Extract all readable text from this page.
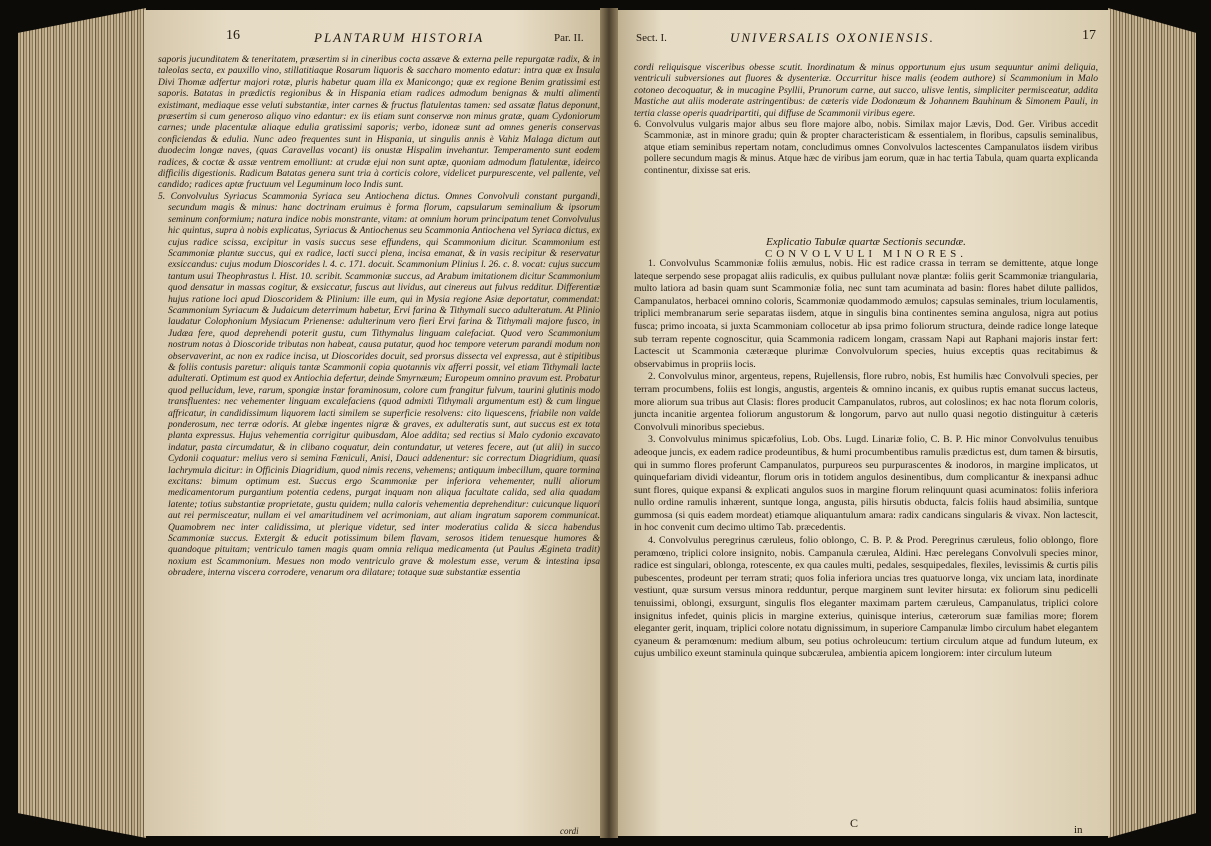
16	PLANTARUM HISTORIA	Par. II.

saporis jucunditatem & teneritatem, præsertim si in cineribus cocta assæve & externa pelle repurgatæ radix, & in taleolas secta, ex pauxillo vino, stillatitiaque Rosarum liquoris & saccharo momento edatur: intra quæ ex Insula Divi Thomæ adfertur majori rotæ, pluris habetur quam illa ex Manicongo; quæ ex regione Benim gratissimi est saporis. Batatas in prædictis regionibus & in Hispania etiam radices admodum benignas & multi alimenti existimant, mediaque esse veluti substantiæ, inter carnes & fructus flatulentas tamen: sed assatæ flatus deponunt, præsertim si cum generoso aliquo vino edantur: ex iis etiam sunt conservæ non minus gratæ, quam Cydoniorum carnes; unde placentulæ aliaque edulia gratissimi saporis; verbo, idoneæ sunt ad omnes generis conservas conficiendas & edulia. Nunc adeo frequentes sunt in Hispania, ut singulis annis è Vahiz Malaga dictum aut duodecim longæ naves, (quas Caravellas vocant) iis onustæ Hispalim invehantur. Temperamento sunt eodem radices, & coctæ & assæ ventrem emolliunt: at crudæ ejui non sunt aptæ, quoniam admodum flatulentæ, ideirco difficilis digestionis. Radicum Batatas genera sunt tria à corticis colore, videlicet purpurescente, vel pallente, vel candido; radices aptæ fructuum vel Leguminum loco Indis sunt.

5. Convolvulus Syriacus Scammonia Syriaca seu Antiochena dictus. Omnes Convolvuli constant purgandi, secundum magis & minus: hanc doctrinam eruimus è forma florum, capsularum seminalium & ipsorum seminum conformium; natura indice nobis monstrante, vitam: at omnium horum principatum tenet Convolvulus hic quintus, supra à nobis explicatus, Syriacus & Antiochenus seu Scammonia Antiochena vel Syriaca dictus, ex cujus radice scissa, excipitur in vasis succus sese effundens, qui Scammonium dicitur. Scammonium est Scammoniæ plantæ succus, qui ex radice, lacti succi plena, incisa emanat, & in vasis recipitur & reservatur exsiccandus: cujus modum Dioscorides l. 4. c. 171. docuit. Scammonium Plinius l. 26. c. 8. vocat: cujus succum tantum usui Theophrastus l. Hist. 10. scribit. Scammoniæ succus, ad Arabum imitationem dicitur Scammonium quod densatur in massas cogitur, & exsiccatur, fuscus aut lividus, aut cinereus aut fulvus redditur. Differentiæ hujus ratione loci apud Dioscoridem & Plinium: ille eum, qui in Mysia regione Asiæ deportatur, commendat: Scammonium Syriacum & Judaicum deterrimum habetur, Ervi farina & Tithymali succo adulteratum. At Plinio laudatur Colophonium Mysiacum Prienense: adulterinum vero fieri Ervi farina & Tithymali majore fusco, in Judæa fere, quod deprehendi poterit gustu, cum Tithymalus linguam calefaciat. Quod vero Scammonium nostrum notas à Dioscoride tributas non habeat, causa putatur, quod hoc tempore veterum parandi modum non observaverint, ac non ex radice incisa, ut Dioscorides docuit, sed prorsus dissecta vel expressa, aut è stipitibus & foliis contusis paretur: aliquis tantæ Scammonii copia quotannis vix afferri possit, vel etiam Tithymali lacte adulterati. Optimum est quod ex Antiochia defertur, deinde Smyrnæum; Europeum omnino pravum est. Probatur quod pellucidum, leve, rarum, spongiæ instar foraminosum, colore cum frangitur fulvum, taurini glutinis modo transfluentes: nec vehementer linguam excalefaciens (quod admixti Tithymali argumentum est) & cum lingue affricatur, in candidissimum liquorem lacti similem se superficie resolvens: cito liquescens, friabile non valde ponderosum, nec terræ odoris. At glebæ ingentes nigræ & graves, ex adulteratis sunt, aut succus est ex tota planta expressus. Hujus vehementia corrigitur quibusdam, Aloe addita; sed rectius si Malo cydonio excavato indatur, pasta circumdatur, & in clibano coquatur, dein contundatur, ut veteres fecere, aut (ut alii) in succo Cydonii coquatur: melius vero si semina Fœniculi, Anisi, Dauci addenentur: sic correctum Diagridium, quasi lachrymula dicitur: in Officinis Diagridium, quod nimis recens, vehemens; antiquum imbecillum, quare tormina excitans: bimum optimum est. Succus ergo Scammoniæ per inferiora vehementer, nulli aliorum medicamentorum purgantium potentia cedens, purgat inquam non aliqua facultate calida, sed alia quadam latente; totius substantiæ proprietate, gustu quidem; nulla caloris vehementia deprehenditur: cuicunque liquori aut rei permisceatur, nullam ei vel amaritudinem vel acrimoniam, aut aliam ingratum saporem communicat. Quamobrem nec inter calidissima, ut plerique videtur, sed inter moderatius calida & sicca habendus Scammoniæ succus. Extergit & educit potissimum bilem flavam, serosos itidem tenuesque humores & quandoque pituitam; ventriculo tamen magis quam omnia reliqua medicamenta (ut Paulus Ægineta tradit) noxium est Scammonium. Mesues non modo ventriculo grave & molestum esse, verum & intestina ipsa obradere, interna viscera corrodere, venarum ora dilatare; totaque suæ substantiæ essentia

cordi
Sect. I.	UNIVERSALIS OXONIENSIS.	17

cordi reliquisque visceribus obesse scutit. Inordinatum & minus opportunum ejus usum sequuntur animi deliquia, ventriculi subversiones aut fluores & dysenteriæ. Occurritur hisce malis (eodem authore) si Scammonium in Malo cotoneo decoquatur, & in mucagine Psyllii, Prunorum carne, aut succo, ulisve lentis, simpliciter permisceatur, addita Mastiche aut aliis moderate astringentibus: de cæteris vide Dodonæum & Johannem Bauhinum & Simonem Pauli, in tertia classe operis quadripartiti, qui diffuse de Scammonii viribus egere.

6. Convolvulus vulgaris major albus seu flore majore albo, nobis. Similax major Lævis, Dod. Ger. Viribus accedit Scammoniæ, ast in minore gradu; quin & propter characteristicam & essentialem, in floribus, capsulis seminalibus, atque etiam seminibus repertam notam, concludimus omnes Convolvulos lactescentes Campanulatos iisdem viribus pollere secundum magis & minus. Atque hæc de viribus jam eorum, quæ in hac tertia Tabula, quam quarta explicanda continentur, dixisse sat eris.

Explicatio Tabulæ quartæ Sectionis secundæ.
CONVOLVULI MINORES.

1. Convolvulus Scammoniæ foliis æmulus, nobis. Hic est radice crassa in terram se demittente, atque longe lateque serpendo sese propagat aliis radiculis, ex quibus pullulant novæ plantæ: foliis gerit Scammoniæ triangularia, multo latiora ad basin quam sunt Scammoniæ folia, nec sunt tam acuminata ad basin: flores habet dilute pallidos, Campanulatos, herbacei omnino coloris, Scammoniæ quodammodo æmulos; capsulas seminales, trium loculamentis, triplici membranarum serie separatas iisdem, atque in singulis bina continentes semina angulosa, nigra aut potius fusca; primo incoata, si juxta Scammoniam collocetur ab ipsa primo foliorum structura, deinde radice longe lateque sub terram repente cognoscitur, quia Scammonia radicem longam, crassam Napi aut Raphani majoris instar fert: Lactescit ut Scammonia cæteræque plurimæ Convolvulorum species, huius exceptis quas recitabimus & observabimus in propriis locis.

2. Convolvulus minor, argenteus, repens, Rujellensis, flore rubro, nobis, Est humilis hæc Convolvuli species, per terram procumbens, foliis est longis, angustis, argenteis & omnino incanis, ex quibus ruptis emanat succus lacteus, more aliorum sua tribus aut Clasis: flores producit Campanulatos, rubros, aut coloslinos; ex hac nota florum coloris, juncta incanitie argentea foliorum angustorum & longorum, parvo aut nullo quasi negotio distinguitur à cæteris Convolvuli minoribus speciebus.

3. Convolvulus minimus spicæfolius, Lob. Obs. Lugd. Linariæ folio, C. B. P. Hic minor Convolvulus tenuibus adeoque juncis, ex eadem radice prodeuntibus, & humi procumbentibus ramulis prædictus est, dum tamen & birsutis, qui in summo flores proferunt Campanulatos, purpureos seu purpurascentes & inodoros, in margine implicatos, ut quinquefariam dividi videantur, florum oris in totidem angulos desinentibus, dum complicantur & inexpansi adhuc sunt flores, quique expansi & explicati angulos suos in margine florum relinquunt quasi acuminatos: foliis inferiora nullo ordine ramulis inhærent, suntque longa, angusta, pilis hirsutis obducta, falcis foliis haud absimilia, suntque gummosa (si quis eadem mordeat) etiamque aliquantulum amara: radix candicans singularis & vivax. Non lactescit, in hoc convenit cum decimo ultimo Tab. præcedentis.

4. Convolvulus peregrinus cæruleus, folio oblongo, C. B. P. & Prod. Peregrinus cæruleus, folio oblongo, flore peramœno, triplici colore insignito, nobis. Campanula cærulea, Aldini. Hæc perelegans Convolvuli species minor, radice est singulari, oblonga, rotescente, ex qua caules multi, pedales, sesquipedales, flexiles, levissimis & curtis pilis pubescentes, prodeunt per terram strati; quos folia inferiora uncias tres quatuorve longa, vix unciam lata, inordinate vestiunt, quæ sursum versus minora redduntur, perque marginem sunt leviter hirsuta: ex foliorum sinu pedicelli tenuissimi, oblongi, exsurgunt, singulis flos eleganter maximam partem cæruleus, Campanulatus, triplici colore insignitus infedet, quinis plicis in margine exterius, quinisque interius, cæterorum suæ familias more; florem eleganter gerit, inquam, triplici colore notatu dignissimum, in superiore Campanulæ limbo circulum habet elegantem cyaneum & peramœnum: medium album, seu potius ochroleucum: tertium circulum atque ad fundum luteum, ex cujus umbilico exeunt staminula quinque subcærulea, ambientia apicem longiorem: inter circulum luteum

C	in
